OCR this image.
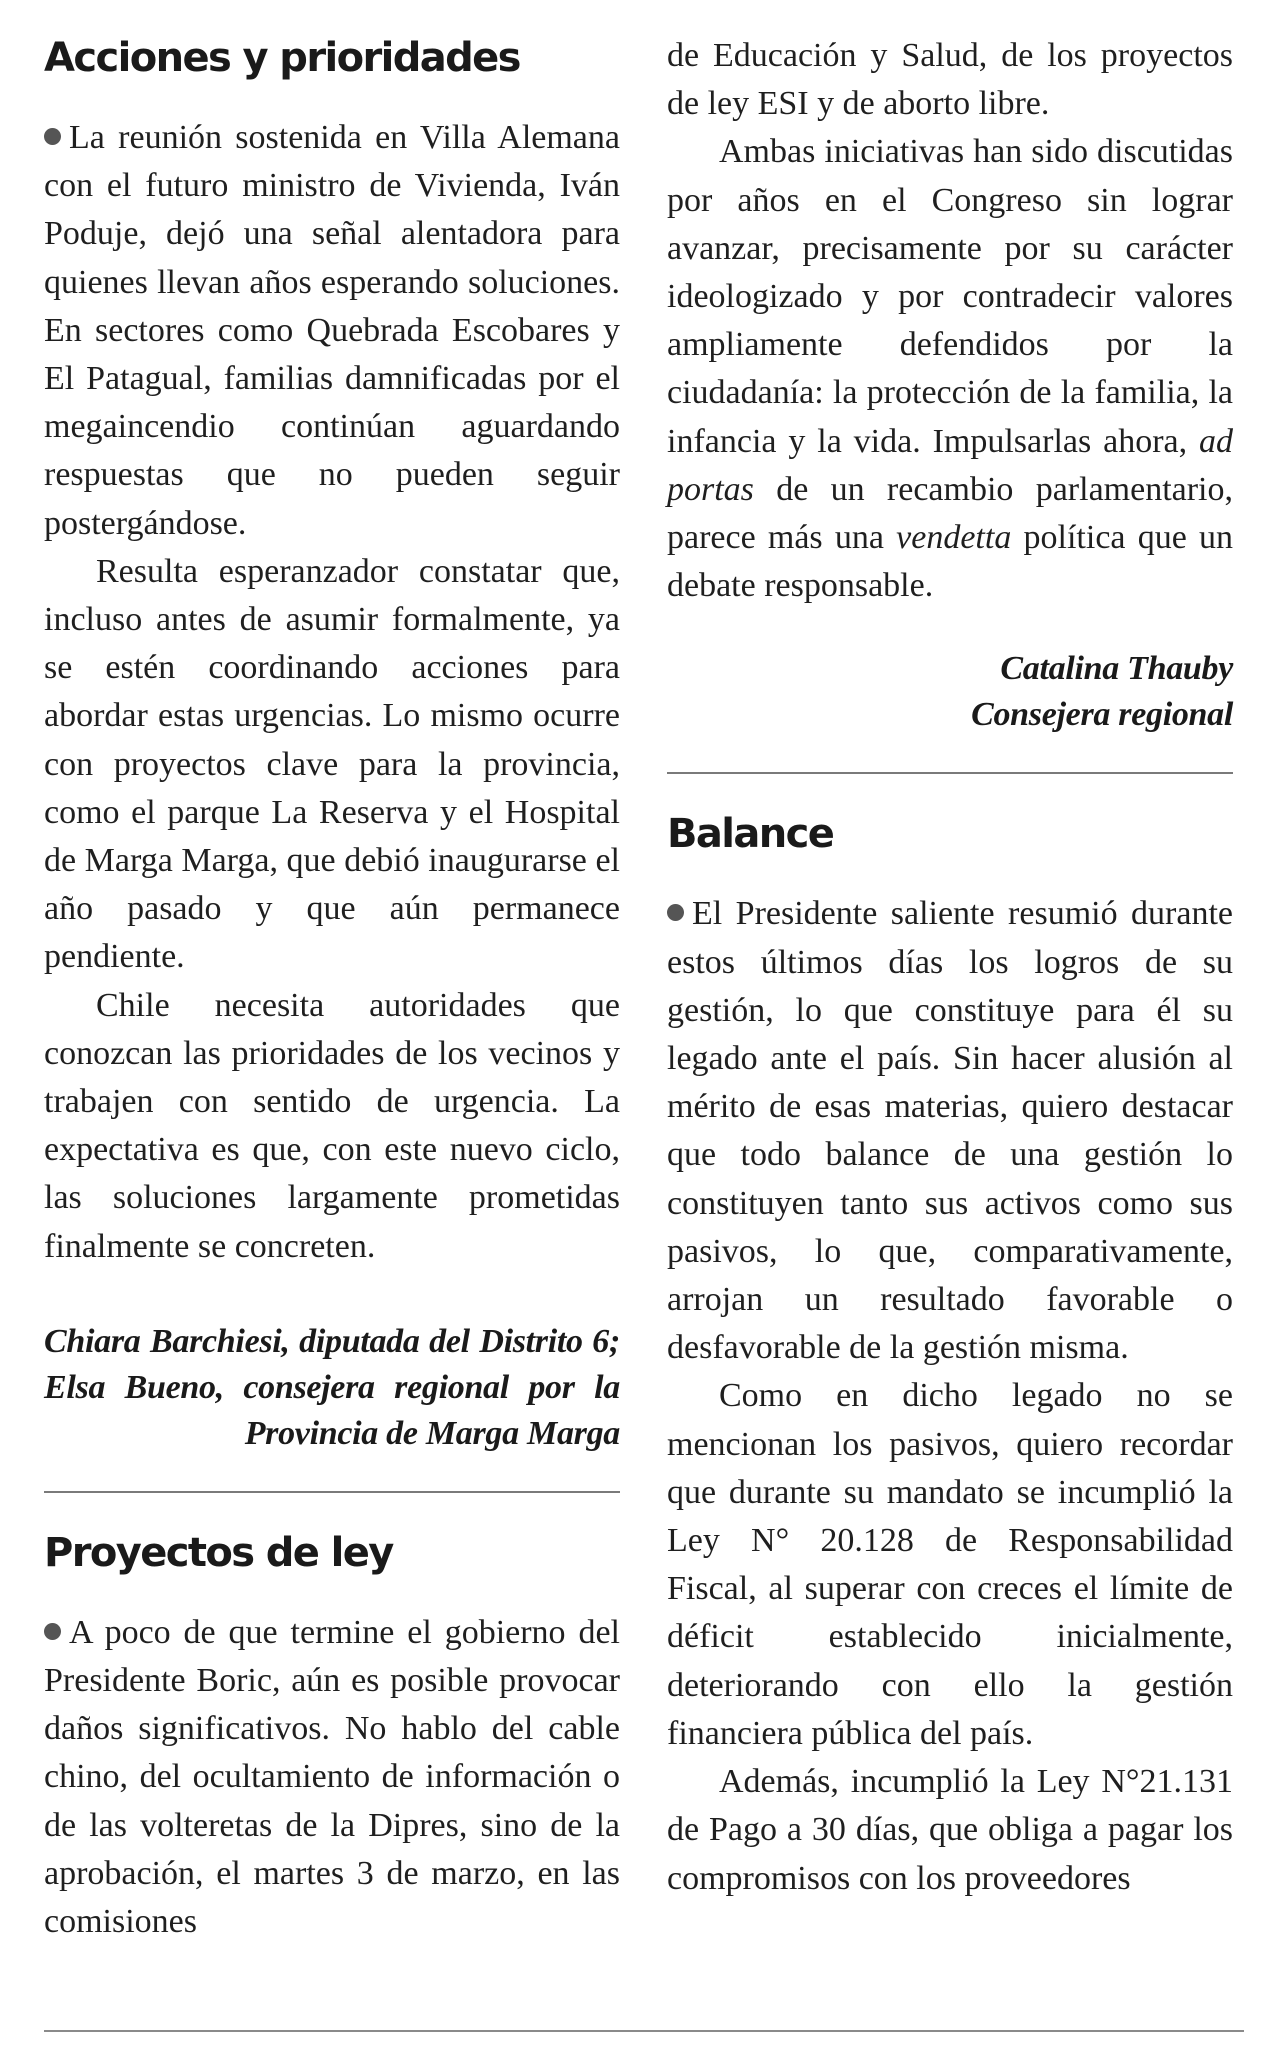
Acciones y prioridades

La reunión sostenida en Villa Alemana con el futuro ministro de Vivienda, Iván Poduje, dejó una señal alentadora para quienes llevan años esperando soluciones. En sectores como Quebrada Escobares y El Patagual, familias damnificadas por el megaincendio continúan aguardando respuestas que no pueden seguir postergándose.

Resulta esperanzador constatar que, incluso antes de asumir formalmente, ya se estén coordinando acciones para abordar estas urgencias. Lo mismo ocurre con proyectos clave para la provincia, como el parque La Reserva y el Hospital de Marga Marga, que debió inaugurarse el año pasado y que aún permanece pendiente.

Chile necesita autoridades que conozcan las prioridades de los vecinos y trabajen con sentido de urgencia. La expectativa es que, con este nuevo ciclo, las soluciones largamente prometidas finalmente se concreten.

Chiara Barchiesi, diputada del Distrito 6; Elsa Bueno, consejera regional por la Provincia de Marga Marga

Proyectos de ley

A poco de que termine el gobierno del Presidente Boric, aún es posible provocar daños significativos. No hablo del cable chino, del ocultamiento de información o de las volteretas de la Dipres, sino de la aprobación, el martes 3 de marzo, en las comisiones

de Educación y Salud, de los proyectos de ley ESI y de aborto libre.

Ambas iniciativas han sido discutidas por años en el Congreso sin lograr avanzar, precisamente por su carácter ideologizado y por contradecir valores ampliamente defendidos por la ciudadanía: la protección de la familia, la infancia y la vida. Impulsarlas ahora, ad portas de un recambio parlamentario, parece más una vendetta política que un debate responsable.

Catalina Thauby

Consejera regional

Balance

El Presidente saliente resumió durante estos últimos días los logros de su gestión, lo que constituye para él su legado ante el país. Sin hacer alusión al mérito de esas materias, quiero destacar que todo balance de una gestión lo constituyen tanto sus activos como sus pasivos, lo que, comparativamente, arrojan un resultado favorable o desfavorable de la gestión misma.

Como en dicho legado no se mencionan los pasivos, quiero recordar que durante su mandato se incumplió la Ley N° 20.128 de Responsabilidad Fiscal, al superar con creces el límite de déficit establecido inicialmente, deteriorando con ello la gestión financiera pública del país.

Además, incumplió la Ley N°21.131 de Pago a 30 días, que obliga a pagar los compromisos con los proveedores
